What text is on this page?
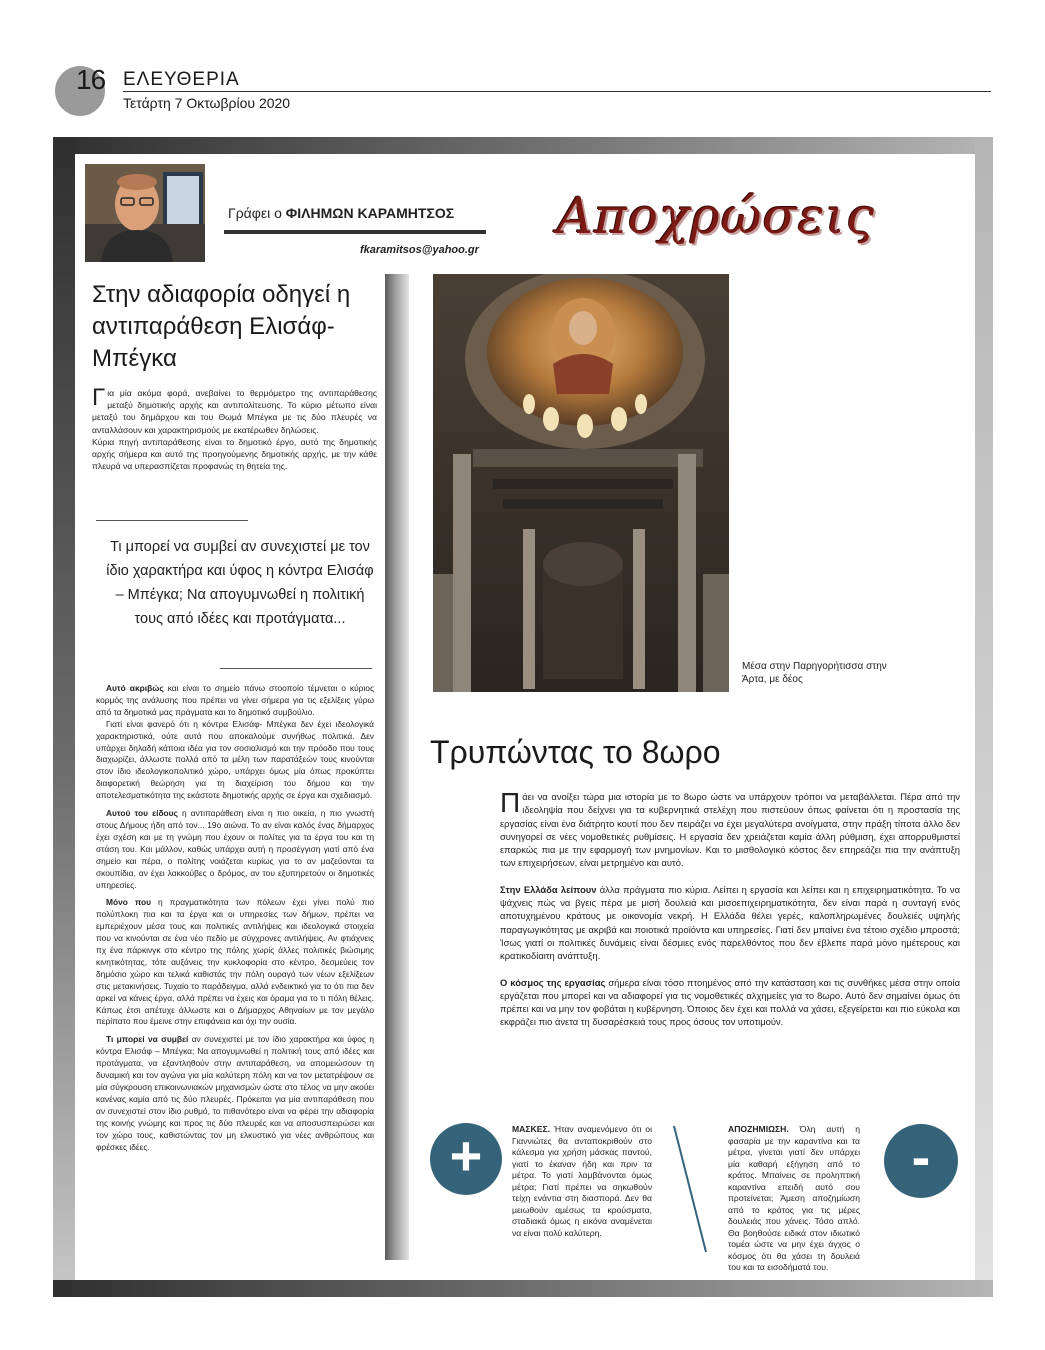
16 ΕΛΕΥΘΕΡΙΑ
Τετάρτη 7 Οκτωβρίου 2020
Γράφει ο ΦΙΛΗΜΩΝ ΚΑΡΑΜΗΤΣΟΣ
fkaramitsos@yahoo.gr
Αποχρώσεις
Στην αδιαφορία οδηγεί η αντιπαράθεση Ελισάφ- Μπέγκα
Για μία ακόμα φορά, ανεβαίνει το θερμόμετρο της αντιπαράθεσης μεταξύ δημοτικής αρχής και αντιπολίτευσης. Το κύριο μέτωπο είναι μεταξύ του δημάρχου και του Θωμά Μπέγκα με τις δύο πλευρές να ανταλλάσουν και χαρακτηρισμούς με εκατέρωθεν δηλώσεις.
Κύρια πηγή αντιπαράθεσης είναι το δημοτικό έργο, αυτό της δημοτικής αρχής σήμερα και αυτό της προηγούμενης δημοτικής αρχής, με την κάθε πλευρά να υπερασπίζεται προφανώς τη θητεία της.
Τι μπορεί να συμβεί αν συνεχιστεί με τον ίδιο χαρακτήρα και ύφος η κόντρα Ελισάφ – Μπέγκα; Να απογυμνωθεί η πολιτική τους από ιδέες και προτάγματα...

Αυτό ακριβώς και είναι το σημείο πάνω στοοποίο τέμνεται ο κύριος κορμός της ανάλυσης που πρέπει να γίνει σήμερα για τις εξελίξεις γύρω από τα δημοτικά μας πράγματα και το δημοτικό συμβούλιο.

Γιατί είναι φανερό ότι η κόντρα Ελισάφ- Μπέγκα δεν έχει ιδεολογικά χαρακτηριστικά, ούτε αυτά που αποκαλούμε συνήθως πολιτικά. Δεν υπάρχει δηλαδή κάποια ιδέα για τον σοσιαλισμό και την πρόοδο που τους διαχωρίζει, άλλωστε πολλά από τα μέλη των παρατάξεών τους κινούνται στον ίδιο ιδεολογικοπολιτικό χώρο, υπάρχει όμως μία όπως προκύπτει διαφορετική θεώρηση για τη διαχείριση του δήμου και την αποτελεσματικότητα της εκάστοτε δημοτικής αρχής σε έργα και σχεδιασμό.

Αυτού του είδους η αντιπαράθεση είναι η πιο οικεία, η πιο γνωστή στους Δήμους ήδη από τον... 19ο αιώνα. Το αν είναι καλός ένας δήμαρχος έχει σχέση και με τη γνώμη που έχουν οι πολίτες για τα έργα του και τη στάση του. Και μάλλον, καθώς υπάρχει αυτή η προσέγγιση γιατί από ένα σημείο και πέρα, ο πολίτης νοιάζεται κυρίως για το αν μαζεύονται τα σκουπίδια, αν έχει λακκούβες ο δρόμος, αν του εξυπηρετούν οι δημοτικές υπηρεσίες.

Μόνο που η πραγματικότητα των πόλεων έχει γίνει πολύ πιο πολύπλοκη πια και τα έργα και οι υπηρεσίες των δήμων, πρέπει να εμπεριέχουν μέσα τους και πολιτικές αντιλήψεις και ιδεολογικά στοιχεία που να κινούνται σε ένα νέο πεδίο με σύγχρονες αντιλήψεις. Αν φτιάχνεις πχ ένα πάρκινγκ στο κέντρο της πόλης χωρίς άλλες πολιτικές βιώσιμης κινητικότητας, τότε αυξάνεις την κυκλοφορία στο κέντρο, δεσμεύεις τον δημόσιο χώρο και τελικά καθιστάς την πόλη ουραγό των νέων εξελίξεων στις μετακινήσεις. Τυχαίο το παράδειγμα, αλλά ενδεικτικό για το ότι πια δεν αρκεί να κάνεις έργα, αλλά πρέπει να έχεις και όραμα για το τι πόλη θέλεις. Κάπως έτσι απέτυχε άλλωστε και ο Δήμαρχος Αθηναίων με τον μεγάλο περίπατο που έμεινε στην επιφάνεια και όχι την ουσία.

Τι μπορεί να συμβεί αν συνεχιστεί με τον ίδιο χαρακτήρα και ύφος η κόντρα Ελισάφ – Μπέγκα; Να απογυμνωθεί η πολιτική τους από ιδέες και προτάγματα, να εξαντληθούν στην αντιπαράθεση, να απομειώσουν τη δυναμική και τον αγώνα για μία καλύτερη πόλη και να τον μετατρέψουν σε μία σύγκρουση επικοινωνιακών μηχανισμών ώστε στο τέλος να μην ακούει κανένας καμία από τις δύο πλευρές. Πρόκειται για μία αντιπαράθεση που αν συνεχιστεί στον ίδιο ρυθμό, το πιθανότερο είναι να φέρει την αδιαφορία της κοινής γνώμης και προς τις δύο πλευρές και να αποσυσπειρώσει και τον χώρο τους, καθιστώντας τον μη ελκυστικό για νέες ανθρώπους και φρέσκες ιδέες.

Μέσα στην Παρηγορήτισσα στην Άρτα, με δέος
Τρυπώντας το 8ωρο

Πάει να ανοίξει τώρα μια ιστορία με το 8ωρο ώστε να υπάρχουν τρόποι να μεταβάλλεται. Πέρα από την ιδεοληψία που δείχνει για τα κυβερνητικά στελέχη που πιστεύουν όπως φαίνεται ότι η προστασία της εργασίας είναι ένα διάτρητο κουτί που δεν πειράζει να έχει μεγαλύτερα ανοίγματα, στην πράξη τίποτα άλλο δεν συνηγορεί σε νέες νομοθετικές ρυθμίσεις. Η εργασία δεν χρειάζεται καμία άλλη ρύθμιση, έχει απορρυθμιστεί επαρκώς πια με την εφαρμογή των μνημονίων. Και το μισθολογικό κόστος δεν επηρεάζει πια την ανάπτυξη των επιχειρήσεων, είναι μετρημένο και αυτό.

Στην Ελλάδα λείπουν άλλα πράγματα πιο κύρια. Λείπει η εργασία και λείπει και η επιχειρηματικότητα. Το να ψάχνεις πώς να βγεις πέρα με μισή δουλειά και μισοεπιχειρηματικότητα, δεν είναι παρά η συνταγή ενός αποτυχημένου κράτους με οικονομία νεκρή. Η Ελλάδα θέλει γερές, καλοπληρωμένες δουλειές υψηλής παραγωγικότητας με ακριβά και ποιοτικά προϊόντα και υπηρεσίες. Γιατί δεν μπαίνει ένα τέτοιο σχέδιο μπροστά; Ίσως γιατί οι πολιτικές δυνάμεις είναι δέσμιες ενός παρελθόντος που δεν έβλεπε παρά μόνο ημέτερους και κρατικοδίαιτη ανάπτυξη.

Ο κόσμος της εργασίας σήμερα είναι τόσο πτοημένος από την κατάσταση και τις συνθήκες μέσα στην οποία εργάζεται που μπορεί και να αδιαφορεί για τις νομοθετικές αλχημείες για το 8ωρο. Αυτό δεν σημαίνει όμως ότι πρέπει και να μην τον φοβάται η κυβέρνηση. Όποιος δεν έχει και πολλά να χάσει, εξεγείρεται και πιο εύκολα και εκφράζει πιο άνετα τη δυσαρέσκειά τους προς όσους τον υποτιμούν.

+	ΜΑΣΚΕΣ. Ήταν αναμενόμενο ότι οι Γιαννιώτες θα ανταποκριθούν στο κάλεσμα για χρήση μάσκας παντού, γιατί το έκαναν ήδη και πριν τα μέτρα. Το γιατί λαμβάνονται όμως μέτρα; Γιατί πρέπει να σηκωθούν τείχη ενάντια στη διασπορά. Δεν θα μειωθούν αμέσως τα κρούσματα, σταδιακά όμως η εικόνα αναμένεται να είναι πολύ καλύτερη.
ΑΠΟΖΗΜΙΩΣΗ. Όλη αυτή η φασαρία με την καραντίνα και τα μέτρα, γίνεται γιατί δεν υπάρχει μία καθαρή εξήγηση από το κράτος. Μπαίνεις σε προληπτική καραντίνα επειδή αυτό σου προτείνεται; Άμεση αποζημίωση από το κράτος για τις μέρες δουλειάς που χάνεις. Τόσο απλό. Θα βοηθούσε ειδικά στον ιδιωτικό τομέα ώστε να μην έχει άγχος ο κόσμος ότι θα χάσει τη δουλειά του και τα εισοδήματά του.
-
